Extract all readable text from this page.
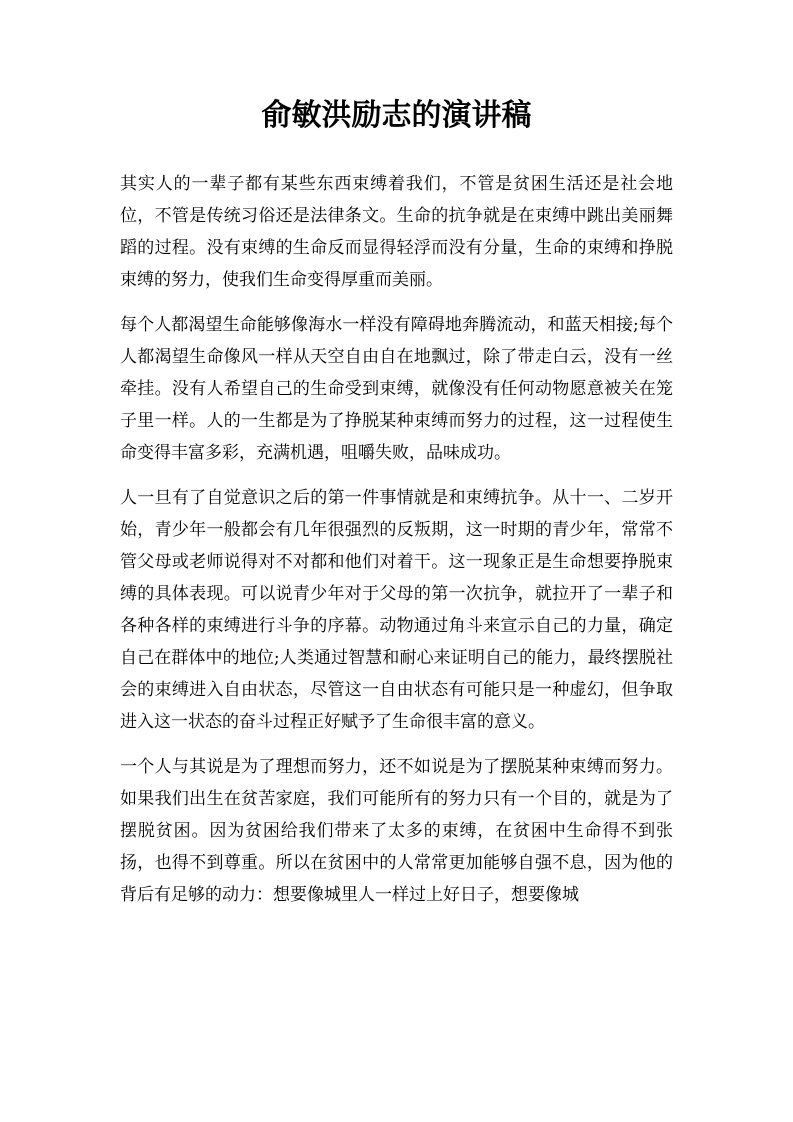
俞敏洪励志的演讲稿

其实人的一辈子都有某些东西束缚着我们，不管是贫困生活还是社会地位，不管是传统习俗还是法律条文。生命的抗争就是在束缚中跳出美丽舞蹈的过程。没有束缚的生命反而显得轻浮而没有分量，生命的束缚和挣脱束缚的努力，使我们生命变得厚重而美丽。

每个人都渴望生命能够像海水一样没有障碍地奔腾流动，和蓝天相接;每个人都渴望生命像风一样从天空自由自在地飘过，除了带走白云，没有一丝牵挂。没有人希望自己的生命受到束缚，就像没有任何动物愿意被关在笼子里一样。人的一生都是为了挣脱某种束缚而努力的过程，这一过程使生命变得丰富多彩，充满机遇，咀嚼失败，品味成功。

人一旦有了自觉意识之后的第一件事情就是和束缚抗争。从十一、二岁开始，青少年一般都会有几年很强烈的反叛期，这一时期的青少年，常常不管父母或老师说得对不对都和他们对着干。这一现象正是生命想要挣脱束缚的具体表现。可以说青少年对于父母的第一次抗争，就拉开了一辈子和各种各样的束缚进行斗争的序幕。动物通过角斗来宣示自己的力量，确定自己在群体中的地位;人类通过智慧和耐心来证明自己的能力，最终摆脱社会的束缚进入自由状态，尽管这一自由状态有可能只是一种虚幻，但争取进入这一状态的奋斗过程正好赋予了生命很丰富的意义。

一个人与其说是为了理想而努力，还不如说是为了摆脱某种束缚而努力。如果我们出生在贫苦家庭，我们可能所有的努力只有一个目的，就是为了摆脱贫困。因为贫困给我们带来了太多的束缚，在贫困中生命得不到张扬，也得不到尊重。所以在贫困中的人常常更加能够自强不息，因为他的背后有足够的动力：想要像城里人一样过上好日子，想要像城
